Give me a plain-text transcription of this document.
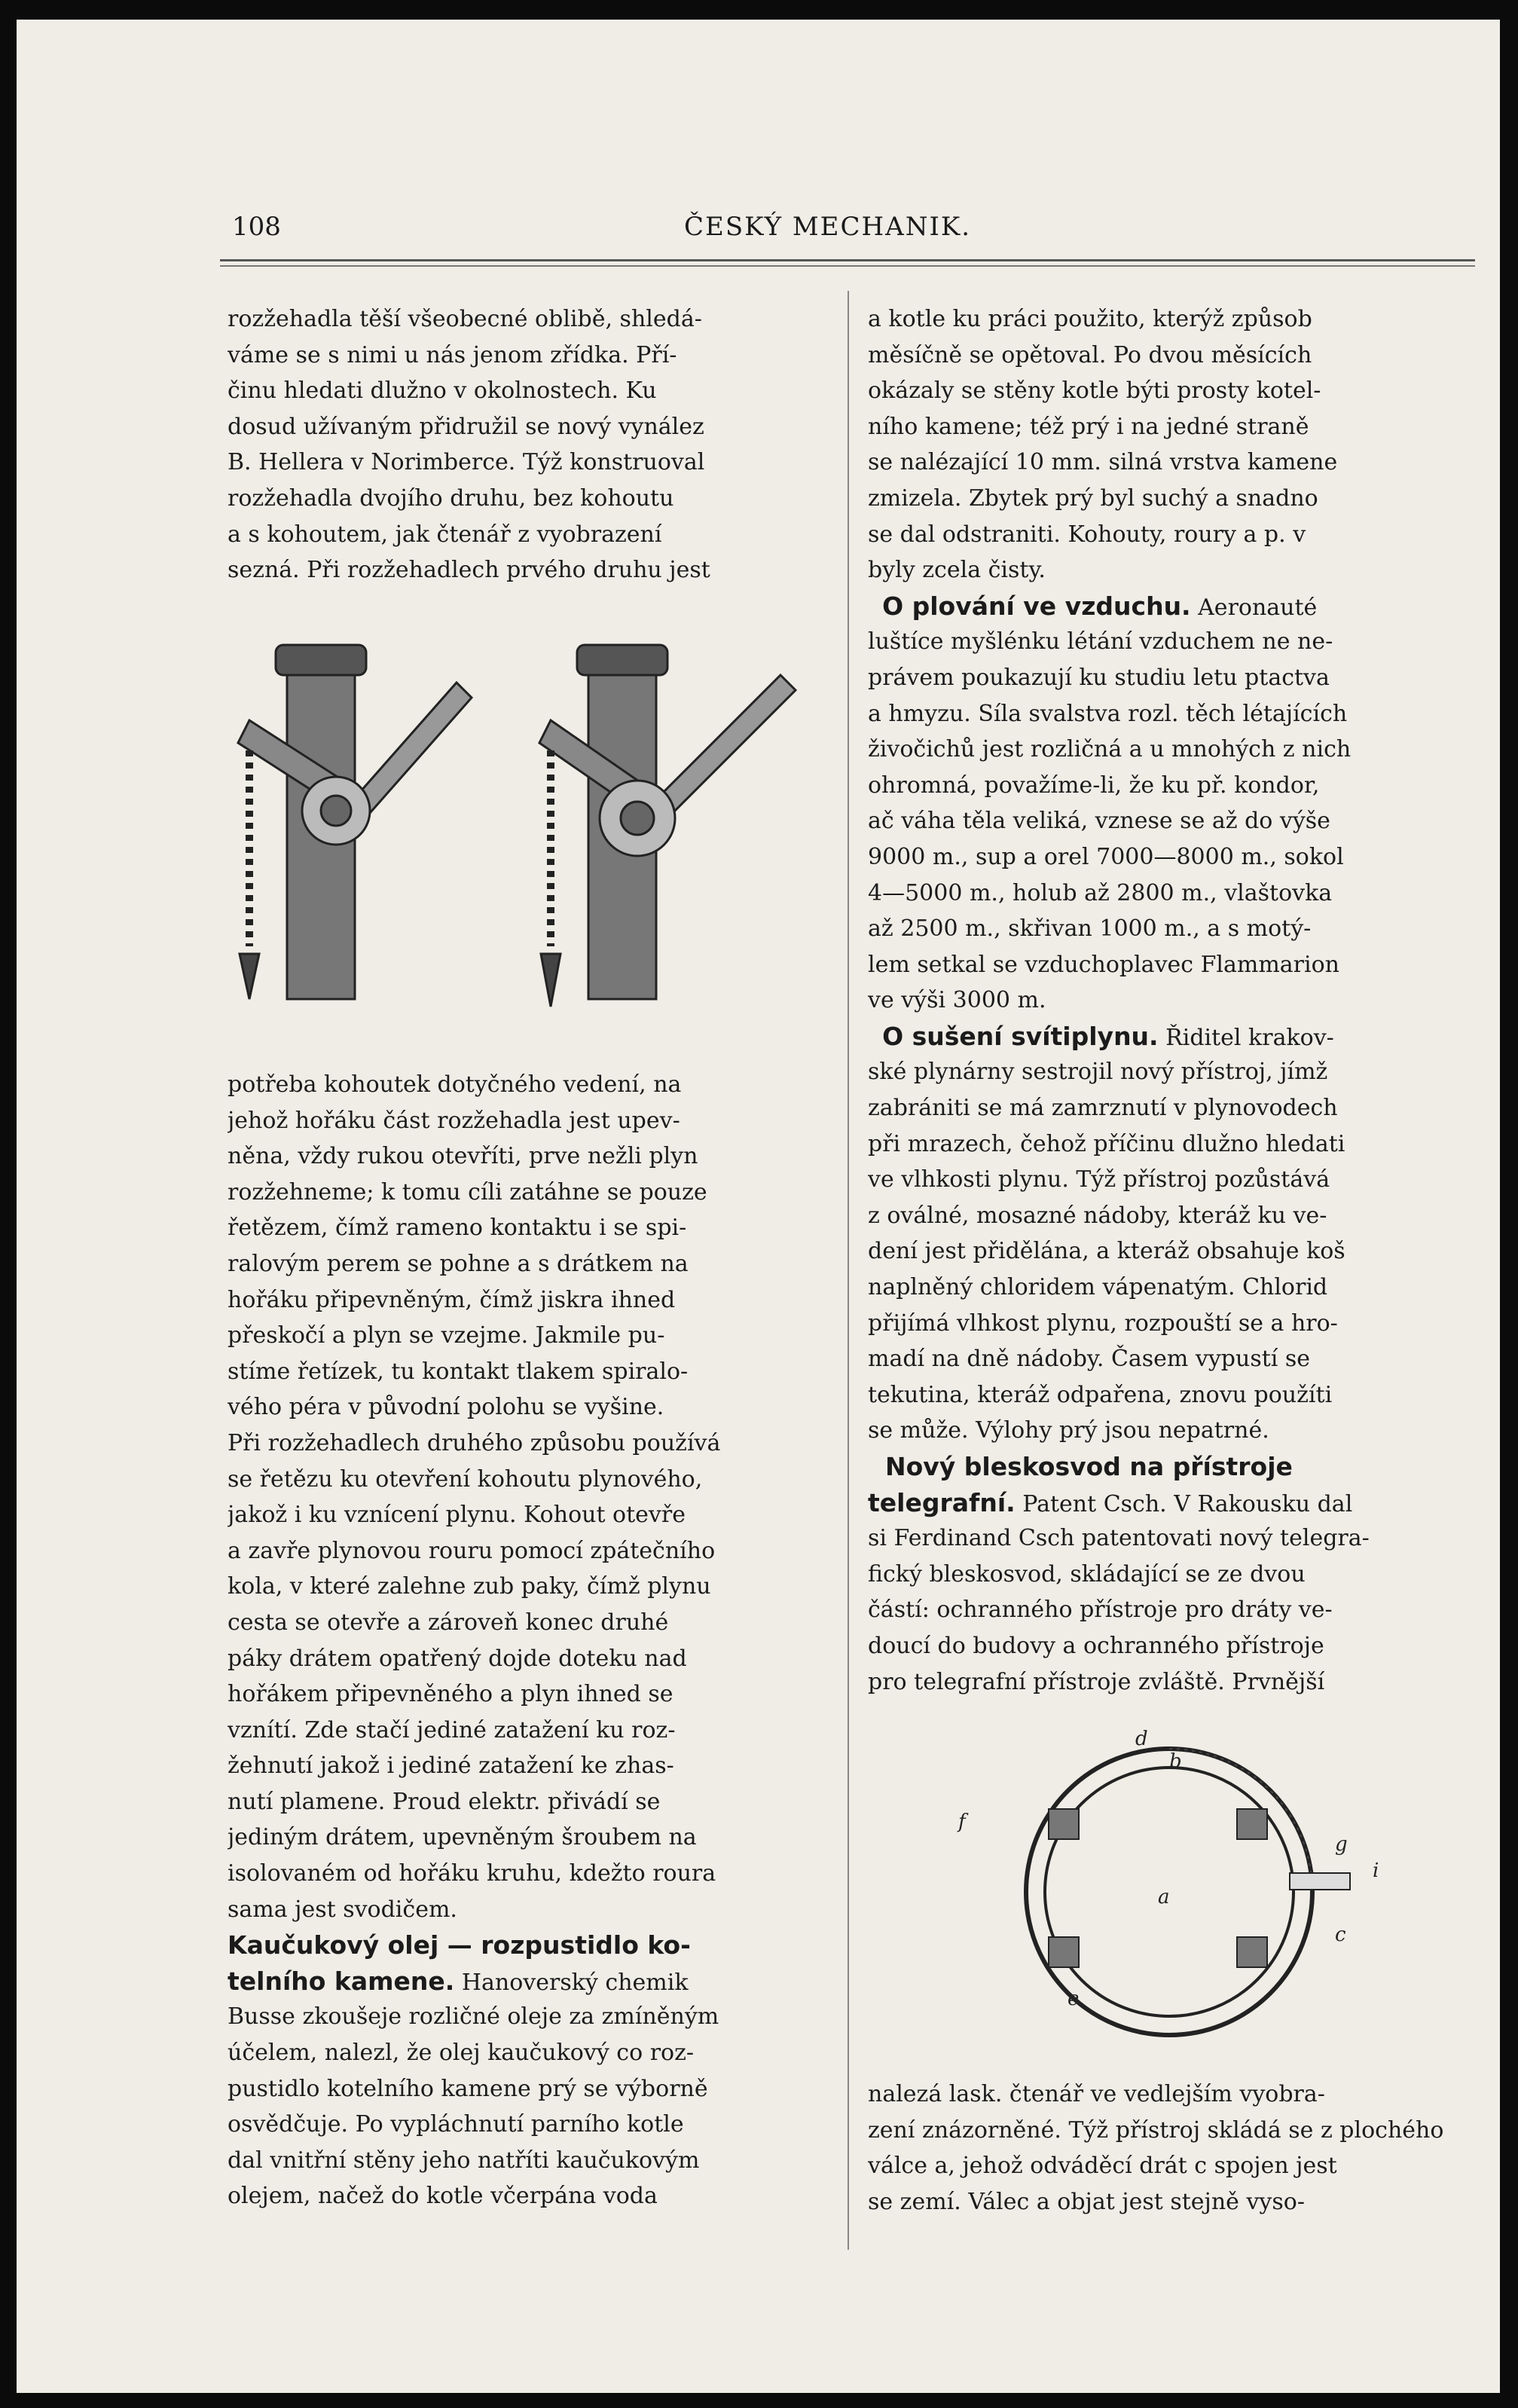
108	ČESKÝ MECHANIK.
rozžehadla těší všeobecné oblibě, shledá-
váme se s nimi u nás jenom zřídka. Pří-
činu hledati dlužno v okolnostech. Ku
dosud užívaným přidružil se nový vynález
B. Hellera v Norimberce. Týž konstruoval
rozžehadla dvojího druhu, bez kohoutu
a s kohoutem, jak čtenář z vyobrazení
sezná. Při rozžehadlech prvého druhu jest
potřeba kohoutek dotyčného vedení, na
jehož hořáku část rozžehadla jest upev-
něna, vždy rukou otevříti, prve nežli plyn
rozžehneme; k tomu cíli zatáhne se pouze
řetězem, čímž rameno kontaktu i se spi-
ralovým perem se pohne a s drátkem na
hořáku připevněným, čímž jiskra ihned
přeskočí a plyn se vzejme. Jakmile pu-
stíme řetízek, tu kontakt tlakem spiralo-
vého péra v původní polohu se vyšine.
Při rozžehadlech druhého způsobu používá
se řetězu ku otevření kohoutu plynového,
jakož i ku vznícení plynu. Kohout otevře
a zavře plynovou rouru pomocí zpátečního
kola, v které zalehne zub paky, čímž plynu
cesta se otevře a zároveň konec druhé
páky drátem opatřený dojde doteku nad
hořákem připevněného a plyn ihned se
vznítí. Zde stačí jediné zatažení ku roz-
žehnutí jakož i jediné zatažení ke zhas-
nutí plamene. Proud elektr. přivádí se
jediným drátem, upevněným šroubem na
isolovaném od hořáku kruhu, kdežto roura
sama jest svodičem.
Kaučukový olej — rozpustidlo ko-
telního kamene. Hanoverský chemik
Busse zkoušeje rozličné oleje za zmíněným
účelem, nalezl, že olej kaučukový co roz-
pustidlo kotelního kamene prý se výborně
osvědčuje. Po vypláchnutí parního kotle
dal vnitřní stěny jeho natříti kaučukovým
olejem, načež do kotle včerpána voda
a kotle ku práci použito, kterýž způsob
měsíčně se opětoval. Po dvou měsících
okázaly se stěny kotle býti prosty kotel-
ního kamene; též prý i na jedné straně
se nalézající 10 mm. silná vrstva kamene
zmizela. Zbytek prý byl suchý a snadno
se dal odstraniti. Kohouty, roury a p. v
byly zcela čisty.
O plování ve vzduchu. Aeronauté
luštíce myšlénku létání vzduchem ne ne-
právem poukazují ku studiu letu ptactva
a hmyzu. Síla svalstva rozl. těch létajících
živočichů jest rozličná a u mnohých z nich
ohromná, považíme-li, že ku př. kondor,
ač váha těla veliká, vznese se až do výše
9000 m., sup a orel 7000—8000 m., sokol
4—5000 m., holub až 2800 m., vlaštovka
až 2500 m., skřivan 1000 m., a s motý-
lem setkal se vzduchoplavec Flammarion
ve výši 3000 m.
O sušení svítiplynu. Řiditel krakov-
ské plynárny sestrojil nový přístroj, jímž
zabrániti se má zamrznutí v plynovodech
při mrazech, čehož příčinu dlužno hledati
ve vlhkosti plynu. Týž přístroj pozůstává
z oválné, mosazné nádoby, kteráž ku ve-
dení jest přidělána, a kteráž obsahuje koš
naplněný chloridem vápenatým. Chlorid
přijímá vlhkost plynu, rozpouští se a hro-
madí na dně nádoby. Časem vypustí se
tekutina, kteráž odpařena, znovu použíti
se může. Výlohy prý jsou nepatrné.
Nový bleskosvod na přístroje
telegrafní. Patent Csch. V Rakousku dal
si Ferdinand Csch patentovati nový telegra-
fický bleskosvod, skládající se ze dvou
částí: ochranného přístroje pro dráty ve-
doucí do budovy a ochranného přístroje
pro telegrafní přístroje zvláště. Prvnější
a
b
d
f
g
i
c
e
nalezá lask. čtenář ve vedlejším vyobra-
zení znázorněné. Týž přístroj skládá se z plochého
válce a, jehož odváděcí drát c spojen jest
se zemí. Válec a objat jest stejně vyso-
